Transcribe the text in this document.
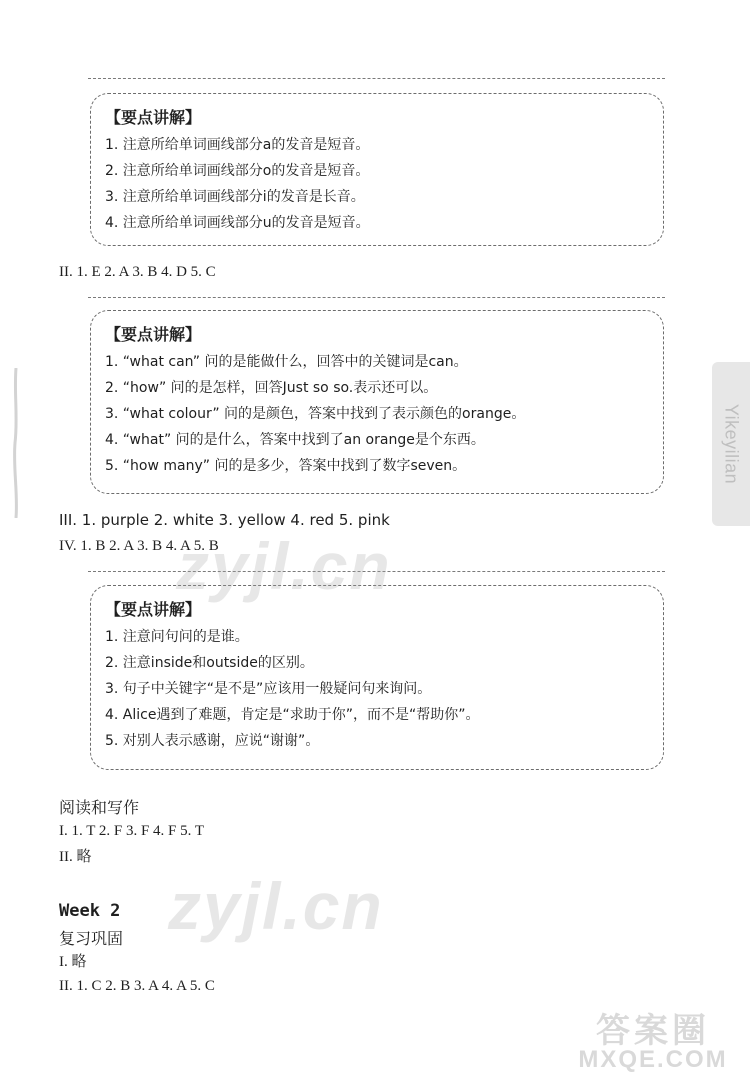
【要点讲解】
1. 注意所给单词画线部分a的发音是短音。
2. 注意所给单词画线部分o的发音是短音。
3. 注意所给单词画线部分i的发音是长音。
4. 注意所给单词画线部分u的发音是短音。
II. 1. E 2. A 3. B 4. D 5. C
【要点讲解】
1. “what can” 问的是能做什么，回答中的关键词是can。
2. “how” 问的是怎样，回答Just so so.表示还可以。
3. “what colour” 问的是颜色，答案中找到了表示颜色的orange。
4. “what” 问的是什么，答案中找到了an orange是个东西。
5. “how many” 问的是多少，答案中找到了数字seven。
III. 1. purple 2. white 3. yellow 4. red 5. pink
IV. 1. B 2. A 3. B 4. A 5. B
【要点讲解】
1. 注意问句问的是谁。
2. 注意inside和outside的区别。
3. 句子中关键字“是不是”应该用一般疑问句来询问。
4. Alice遇到了难题，肯定是“求助于你”，而不是“帮助你”。
5. 对别人表示感谢，应说“谢谢”。
阅读和写作
I. 1. T 2. F 3. F 4. F 5. T
II. 略
Week 2
复习巩固
I. 略
II. 1. C 2. B 3. A 4. A 5. C
Yikeyilian
zyjl.cn
zyjl.cn
答案圈
MXQE.COM
